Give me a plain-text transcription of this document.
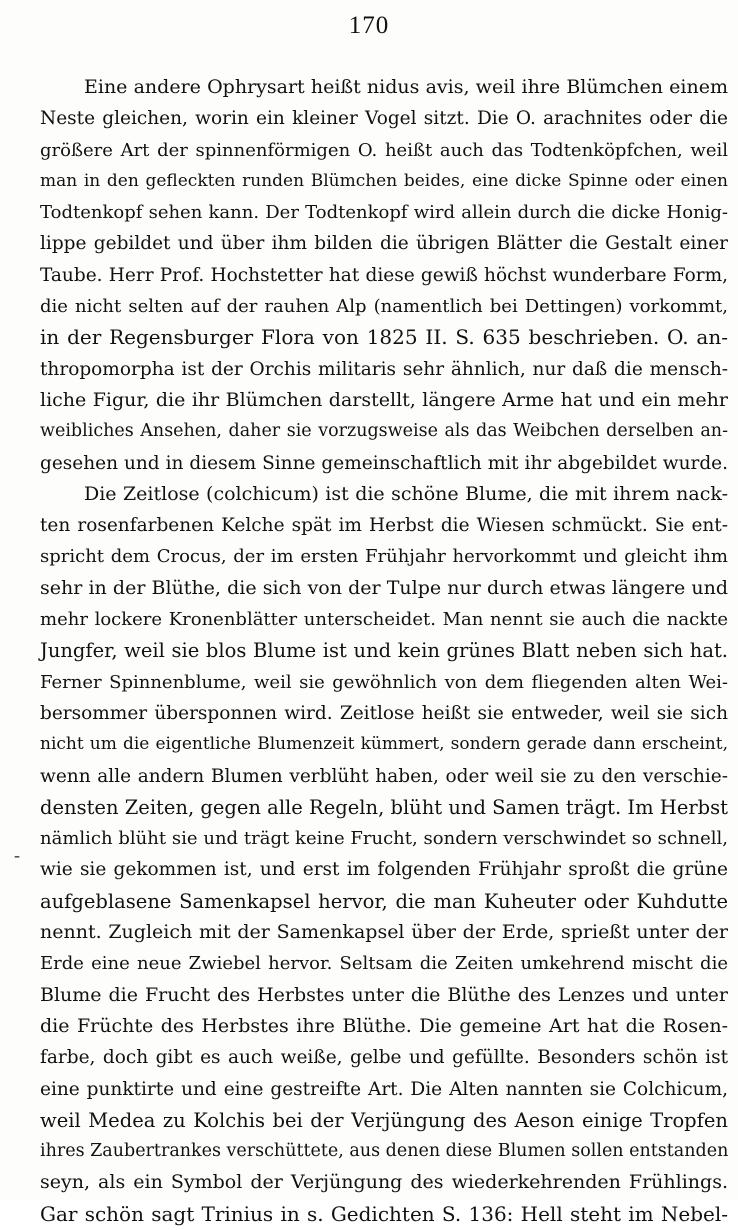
170
-
Eine andere Ophrysart heißt nidus avis, weil ihre Blümchen einem
Neste gleichen, worin ein kleiner Vogel sitzt. Die O. arachnites oder die
größere Art der spinnenförmigen O. heißt auch das Todtenköpfchen, weil
man in den gefleckten runden Blümchen beides, eine dicke Spinne oder einen
Todtenkopf sehen kann. Der Todtenkopf wird allein durch die dicke Honig-
lippe gebildet und über ihm bilden die übrigen Blätter die Gestalt einer
Taube. Herr Prof. Hochstetter hat diese gewiß höchst wunderbare Form,
die nicht selten auf der rauhen Alp (namentlich bei Dettingen) vorkommt,
in der Regensburger Flora von 1825 II. S. 635 beschrieben. O. an-
thropomorpha ist der Orchis militaris sehr ähnlich, nur daß die mensch-
liche Figur, die ihr Blümchen darstellt, längere Arme hat und ein mehr
weibliches Ansehen, daher sie vorzugsweise als das Weibchen derselben an-
gesehen und in diesem Sinne gemeinschaftlich mit ihr abgebildet wurde.
Die Zeitlose (colchicum) ist die schöne Blume, die mit ihrem nack-
ten rosenfarbenen Kelche spät im Herbst die Wiesen schmückt. Sie ent-
spricht dem Crocus, der im ersten Frühjahr hervorkommt und gleicht ihm
sehr in der Blüthe, die sich von der Tulpe nur durch etwas längere und
mehr lockere Kronenblätter unterscheidet. Man nennt sie auch die nackte
Jungfer, weil sie blos Blume ist und kein grünes Blatt neben sich hat.
Ferner Spinnenblume, weil sie gewöhnlich von dem fliegenden alten Wei-
bersommer übersponnen wird. Zeitlose heißt sie entweder, weil sie sich
nicht um die eigentliche Blumenzeit kümmert, sondern gerade dann erscheint,
wenn alle andern Blumen verblüht haben, oder weil sie zu den verschie-
densten Zeiten, gegen alle Regeln, blüht und Samen trägt. Im Herbst
nämlich blüht sie und trägt keine Frucht, sondern verschwindet so schnell,
wie sie gekommen ist, und erst im folgenden Frühjahr sproßt die grüne
aufgeblasene Samenkapsel hervor, die man Kuheuter oder Kuhdutte
nennt. Zugleich mit der Samenkapsel über der Erde, sprießt unter der
Erde eine neue Zwiebel hervor. Seltsam die Zeiten umkehrend mischt die
Blume die Frucht des Herbstes unter die Blüthe des Lenzes und unter
die Früchte des Herbstes ihre Blüthe. Die gemeine Art hat die Rosen-
farbe, doch gibt es auch weiße, gelbe und gefüllte. Besonders schön ist
eine punktirte und eine gestreifte Art. Die Alten nannten sie Colchicum,
weil Medea zu Kolchis bei der Verjüngung des Aeson einige Tropfen
ihres Zaubertrankes verschüttete, aus denen diese Blumen sollen entstanden
seyn, als ein Symbol der Verjüngung des wiederkehrenden Frühlings.
Gar schön sagt Trinius in s. Gedichten S. 136: Hell steht im Nebel-
